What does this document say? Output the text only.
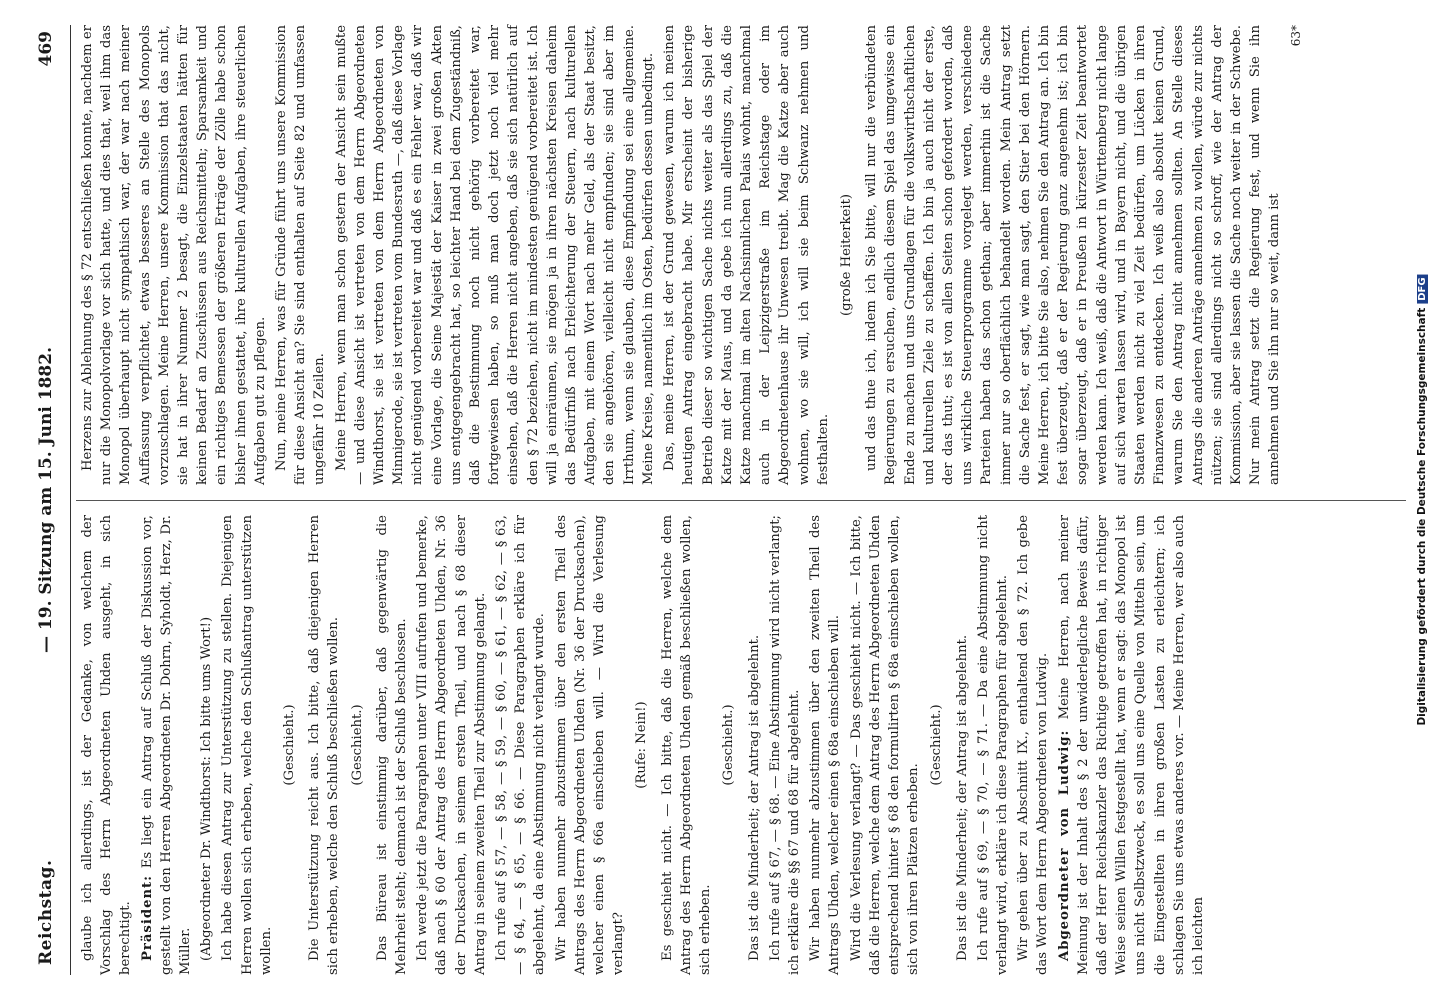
Reichstag.
— 19. Sitzung am 15. Juni 1882.
469

glaube ich allerdings, ist der Gedanke, von welchem der Vorschlag des Herrn Abgeordneten Uhden ausgeht, in sich berechtigt. Präsident: Es liegt ein Antrag auf Schluß der Diskussion vor, gestellt von den Herren Abgeordneten Dr. Dohrn, Syholdt, Herz, Dr. Müller. (Abgeordneter Dr. Windthorst: Ich bitte ums Wort!) Ich habe diesen Antrag zur Unterstützung zu stellen. Diejenigen Herren wollen sich erheben, welche den Schlußantrag unterstützen wollen.

(Geschieht.) Die Unterstützung reicht aus. Ich bitte, daß diejenigen Herren sich erheben, welche den Schluß beschließen wollen. (Geschieht.) Das Büreau ist einstimmig darüber, daß gegenwärtig die Mehrheit steht; demnach ist der Schluß beschlossen. Ich werde jetzt die Paragraphen unter VIII aufrufen und bemerke, daß nach § 60 der Antrag des Herrn Abgeordneten Uhden, Nr. 36 der Drucksachen, in seinem ersten Theil, und nach § 68 dieser Antrag in seinem zweiten Theil zur Abstimmung gelangt. Ich rufe auf § 57, — § 58, — § 59, — § 60, — § 61, — § 62, — § 63, — § 64, — § 65, — § 66. — Diese Paragraphen erkläre ich für abgelehnt, da eine Abstimmung nicht verlangt wurde. Wir haben nunmehr abzustimmen über den ersten Theil des Antrags des Herrn Abgeordneten Uhden (Nr. 36 der Drucksachen), welcher einen § 66a einschieben will. — Wird die Verlesung verlangt?

(Rufe: Nein!) Es geschieht nicht. — Ich bitte, daß die Herren, welche dem Antrag des Herrn Abgeordneten Uhden gemäß beschließen wollen, sich erheben.

(Geschieht.) Das ist die Minderheit; der Antrag ist abgelehnt. Ich rufe auf § 67, — § 68. — Eine Abstimmung wird nicht verlangt; ich erkläre die §§ 67 und 68 für abgelehnt. Wir haben nunmehr abzustimmen über den zweiten Theil des Antrags Uhden, welcher einen § 68a einschieben will. Wird die Verlesung verlangt? — Das geschieht nicht. — Ich bitte, daß die Herren, welche dem Antrag des Herrn Abgeordneten Uhden entsprechend hinter § 68 den formulirten § 68a einschieben wollen, sich von ihren Plätzen erheben.

(Geschieht.) Das ist die Minderheit; der Antrag ist abgelehnt. Ich rufe auf § 69, — § 70, — § 71. — Da eine Abstimmung nicht verlangt wird, erkläre ich diese Paragraphen für abgelehnt. Wir gehen über zu Abschnitt IX., enthaltend den § 72. Ich gebe das Wort dem Herrn Abgeordneten von Ludwig. Abgeordneter von Ludwig: Meine Herren, nach meiner Meinung ist der Inhalt des § 2 der unwiderlegliche Beweis dafür, daß der Herr Reichskanzler das Richtige getroffen hat, in richtiger Weise seinen Willen festgestellt hat, wenn er sagt: das Monopol ist uns nicht Selbstzweck, es soll uns eine Quelle von Mitteln sein, um die Eingestellten in ihren großen Lasten zu erleichtern; ich schlagen Sie uns etwas anderes vor. — Meine Herren, wer also auch ich leichten

Herzens zur Ablehnung des § 72 entschließen konnte, nachdem er nur die Monopolvorlage vor sich hatte, und dies that, weil ihm das Monopol überhaupt nicht sympathisch war, der war nach meiner Auffassung verpflichtet, etwas besseres an Stelle des Monopols vorzuschlagen. Meine Herren, unsere Kommission that das nicht, sie hat in ihrer Nummer 2 besagt, die Einzelstaaten hätten für keinen Bedarf an Zuschüssen aus Reichsmitteln; Sparsamkeit und ein richtiges Bemessen der größeren Erträge der Zölle habe schon bisher ihnen gestattet, ihre kulturellen Aufgaben, ihre steuerlichen Aufgaben gut zu pflegen. Nun, meine Herren, was für Gründe führt uns unsere Kommission für diese Ansicht an? Sie sind enthalten auf Seite 82 und umfassen ungefähr 10 Zeilen. Meine Herren, wenn man schon gestern der Ansicht sein mußte — und diese Ansicht ist vertreten von dem Herrn Abgeordneten Windthorst, sie ist vertreten von dem Herrn Abgeordneten von Minnigerode, sie ist vertreten vom Bundesrath —, daß diese Vorlage nicht genügend vorbereitet war und daß es ein Fehler war, daß wir eine Vorlage, die Seine Majestät der Kaiser in zwei großen Akten uns entgegengebracht hat, so leichter Hand bei dem Zugeständniß, daß die Bestimmung noch nicht gehörig vorbereitet war, fortgewiesen haben, so muß man doch jetzt noch viel mehr einsehen, daß die Herren nicht angeben, daß sie sich natürlich auf den § 72 beziehen, nicht im mindesten genügend vorbereitet ist. Ich will ja einräumen, sie mögen ja in ihren nächsten Kreisen daheim das Bedürfniß nach Erleichterung der Steuern, nach kulturellen Aufgaben, mit einem Wort nach mehr Geld, als der Staat besitzt, den sie angehören, vielleicht nicht empfunden; sie sind aber im Irrthum, wenn sie glauben, diese Empfindung sei eine allgemeine. Meine Kreise, namentlich im Osten, bedürfen dessen unbedingt. Das, meine Herren, ist der Grund gewesen, warum ich meinen heutigen Antrag eingebracht habe. Mir erscheint der bisherige Betrieb dieser so wichtigen Sache nichts weiter als das Spiel der Katze mit der Maus, und da gebe ich nun allerdings zu, daß die Katze manchmal im alten Nachsinnlichen Palais wohnt, manchmal auch in der Leipzigerstraße im Reichstage oder im Abgeordnetenhause ihr Unwesen treibt. Mag die Katze aber auch wohnen, wo sie will, ich will sie beim Schwanz nehmen und festhalten.

(große Heiterkeit) und das thue ich, indem ich Sie bitte, will nur die verbündeten Regierungen zu ersuchen, endlich diesem Spiel das umgewisse ein Ende zu machen und uns Grundlagen für die volkswirthschaftlichen und kulturellen Ziele zu schaffen. Ich bin ja auch nicht der erste, der das thut; es ist von allen Seiten schon gefordert worden, daß uns wirkliche Steuerprogramme vorgelegt werden, verschiedene Parteien haben das schon gethan; aber immerhin ist die Sache immer nur so oberflächlich behandelt worden. Mein Antrag setzt die Sache fest, er sagt, wie man sagt, den Stier bei den Hörnern. Meine Herren, ich bitte Sie also, nehmen Sie den Antrag an. Ich bin fest überzeugt, daß er der Regierung ganz angenehm ist; ich bin sogar überzeugt, daß er in Preußen in kürzester Zeit beantwortet werden kann. Ich weiß, daß die Antwort in Württemberg nicht lange auf sich warten lassen wird, und in Bayern nicht, und die übrigen Staaten werden nicht zu viel Zeit bedürfen, um Lücken in ihren Finanzwesen zu entdecken. Ich weiß also absolut keinen Grund, warum Sie den Antrag nicht annehmen sollten. An Stelle dieses Antrags die anderen Anträge annehmen zu wollen, würde zur nichts nützen; sie sind allerdings nicht so schroff, wie der Antrag der Kommission, aber sie lassen die Sache noch weiter in der Schwebe. Nur mein Antrag setzt die Regierung fest, und wenn Sie ihn annehmen und Sie ihn nur so weit, dann ist

63*
Digitalisierung gefördert durch die Deutsche ForschungsgemeinschaftDFG
